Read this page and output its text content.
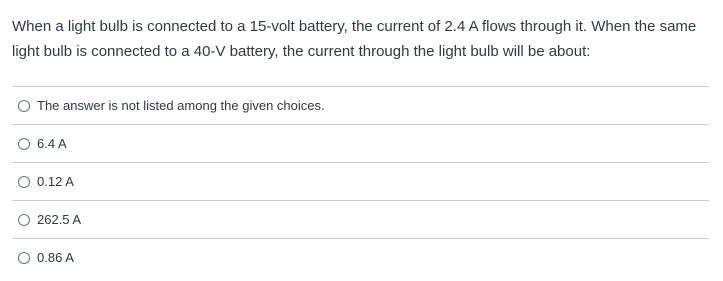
When a light bulb is connected to a 15-volt battery, the current of 2.4 A flows through it. When the same light bulb is connected to a 40-V battery, the current through the light bulb will be about:

The answer is not listed among the given choices.
6.4 A
0.12 A
262.5 A
0.86 A
